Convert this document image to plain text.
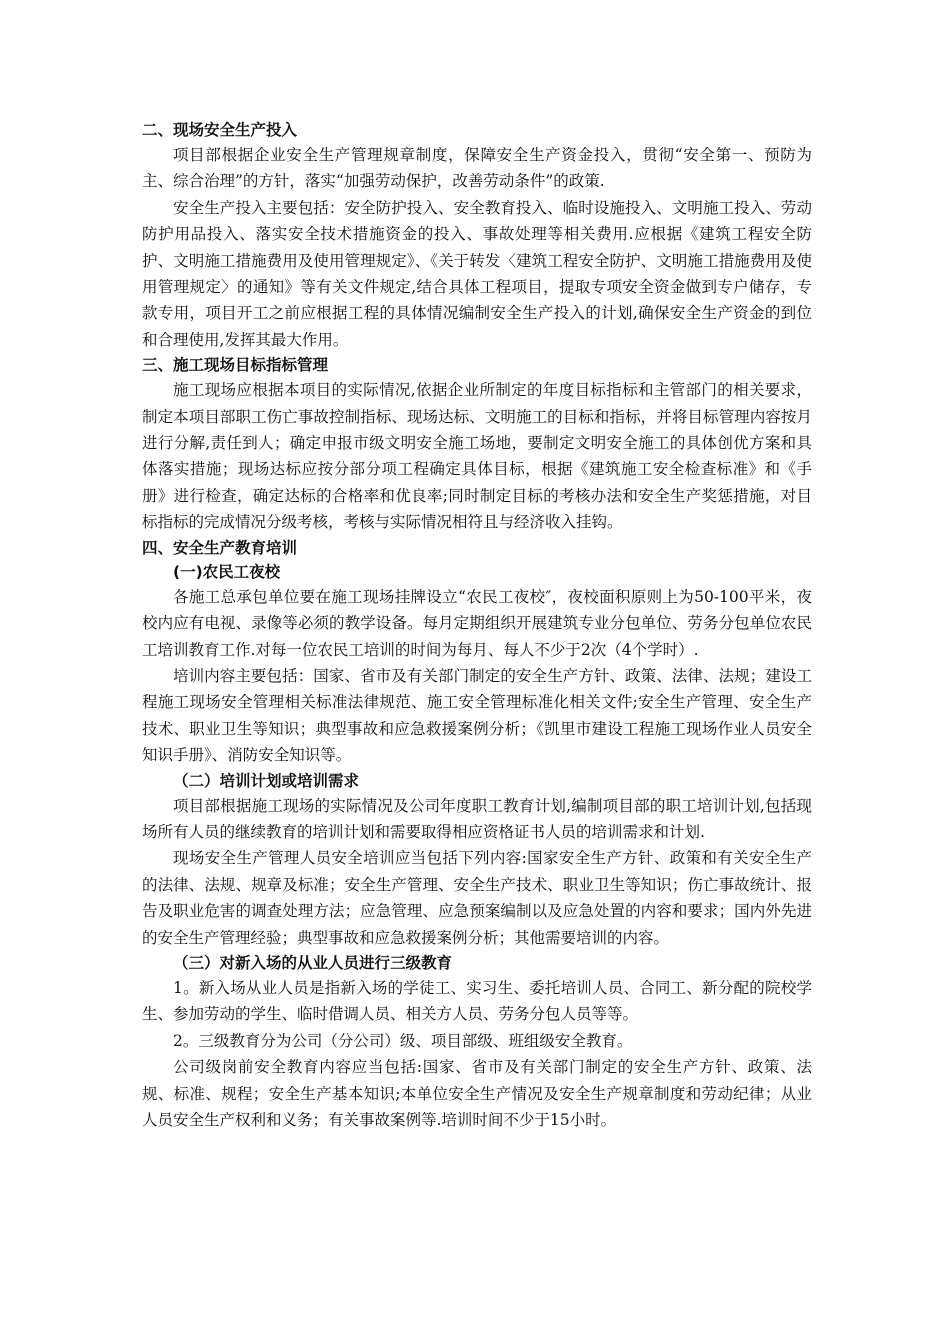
二、现场安全生产投入

项目部根据企业安全生产管理规章制度，保障安全生产资金投入，贯彻“安全第一、预防为主、综合治理”的方针，落实“加强劳动保护，改善劳动条件”的政策.

安全生产投入主要包括：安全防护投入、安全教育投入、临时设施投入、文明施工投入、劳动防护用品投入、落实安全技术措施资金的投入、事故处理等相关费用.应根据《建筑工程安全防护、文明施工措施费用及使用管理规定》、《关于转发〈建筑工程安全防护、文明施工措施费用及使用管理规定〉的通知》等有关文件规定,结合具体工程项目，提取专项安全资金做到专户储存，专款专用，项目开工之前应根据工程的具体情况编制安全生产投入的计划,确保安全生产资金的到位和合理使用,发挥其最大作用。

三、施工现场目标指标管理

施工现场应根据本项目的实际情况,依据企业所制定的年度目标指标和主管部门的相关要求，制定本项目部职工伤亡事故控制指标、现场达标、文明施工的目标和指标，并将目标管理内容按月进行分解,责任到人；确定申报市级文明安全施工场地，要制定文明安全施工的具体创优方案和具体落实措施；现场达标应按分部分项工程确定具体目标，根据《建筑施工安全检查标准》和《手册》进行检查，确定达标的合格率和优良率;同时制定目标的考核办法和安全生产奖惩措施，对目标指标的完成情况分级考核，考核与实际情况相符且与经济收入挂钩。

四、安全生产教育培训
(一)农民工夜校

各施工总承包单位要在施工现场挂牌设立“农民工夜校″，夜校面积原则上为50-100平米，夜校内应有电视、录像等必须的教学设备。每月定期组织开展建筑专业分包单位、劳务分包单位农民工培训教育工作.对每一位农民工培训的时间为每月、每人不少于2次（4个学时）.

培训内容主要包括：国家、省市及有关部门制定的安全生产方针、政策、法律、法规；建设工程施工现场安全管理相关标准法律规范、施工安全管理标准化相关文件;安全生产管理、安全生产技术、职业卫生等知识；典型事故和应急救援案例分析；《凯里市建设工程施工现场作业人员安全知识手册》、消防安全知识等。

（二）培训计划或培训需求

项目部根据施工现场的实际情况及公司年度职工教育计划,编制项目部的职工培训计划,包括现场所有人员的继续教育的培训计划和需要取得相应资格证书人员的培训需求和计划.

现场安全生产管理人员安全培训应当包括下列内容:国家安全生产方针、政策和有关安全生产的法律、法规、规章及标准；安全生产管理、安全生产技术、职业卫生等知识；伤亡事故统计、报告及职业危害的调查处理方法；应急管理、应急预案编制以及应急处置的内容和要求；国内外先进的安全生产管理经验；典型事故和应急救援案例分析；其他需要培训的内容。

（三）对新入场的从业人员进行三级教育

1。新入场从业人员是指新入场的学徒工、实习生、委托培训人员、合同工、新分配的院校学生、参加劳动的学生、临时借调人员、相关方人员、劳务分包人员等等。

2。三级教育分为公司（分公司）级、项目部级、班组级安全教育。

公司级岗前安全教育内容应当包括:国家、省市及有关部门制定的安全生产方针、政策、法规、标准、规程；安全生产基本知识;本单位安全生产情况及安全生产规章制度和劳动纪律；从业人员安全生产权利和义务；有关事故案例等.培训时间不少于15小时。
